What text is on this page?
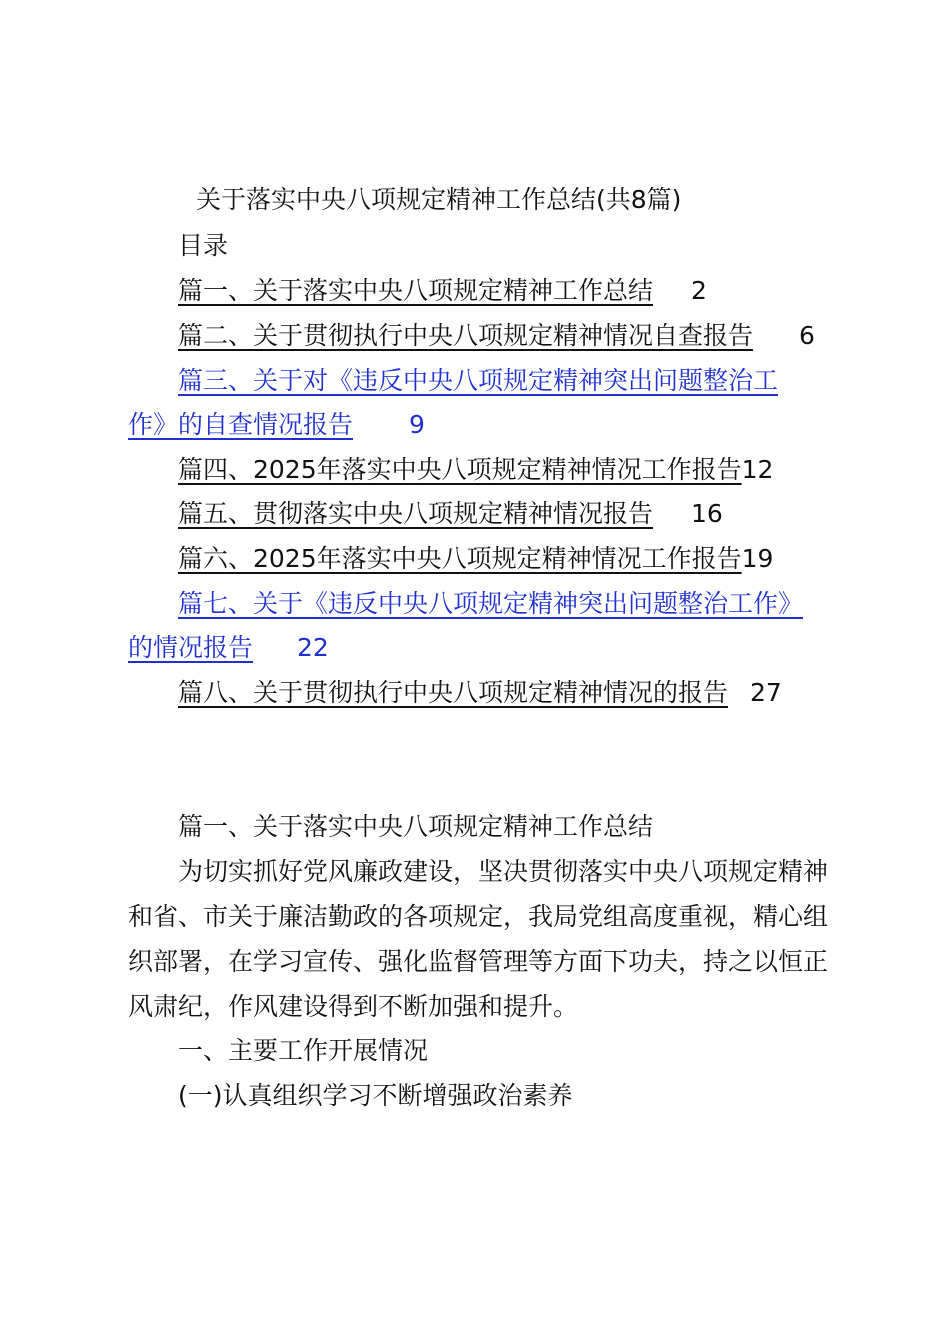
关于落实中央八项规定精神工作总结(共8篇)
目录
篇一、关于落实中央八项规定精神工作总结 2
篇二、关于贯彻执行中央八项规定精神情况自查报告 6
篇三、关于对《违反中央八项规定精神突出问题整治工
作》的自查情况报告 9
篇四、2025年落实中央八项规定精神情况工作报告12
篇五、贯彻落实中央八项规定精神情况报告 16
篇六、2025年落实中央八项规定精神情况工作报告19
篇七、关于《违反中央八项规定精神突出问题整治工作》
的情况报告 22
篇八、关于贯彻执行中央八项规定精神情况的报告 27
篇一、关于落实中央八项规定精神工作总结
为切实抓好党风廉政建设，坚决贯彻落实中央八项规定精神和省、市关于廉洁勤政的各项规定，我局党组高度重视，精心组织部署，在学习宣传、强化监督管理等方面下功夫，持之以恒正风肃纪，作风建设得到不断加强和提升。
一、主要工作开展情况
(一)认真组织学习不断增强政治素养
